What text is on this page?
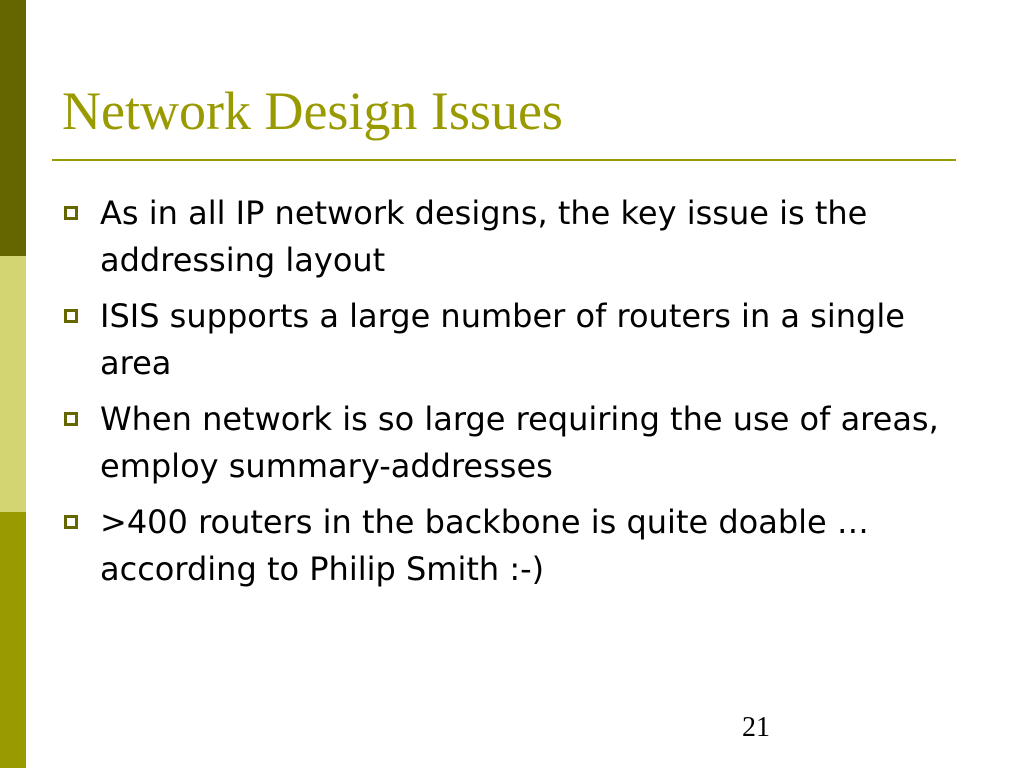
Network Design Issues
As in all IP network designs, the key issue is the addressing layout
ISIS supports a large number of routers in a single area
When network is so large requiring the use of areas, employ summary-addresses
>400 routers in the backbone is quite doable … according to Philip Smith :-)
21
